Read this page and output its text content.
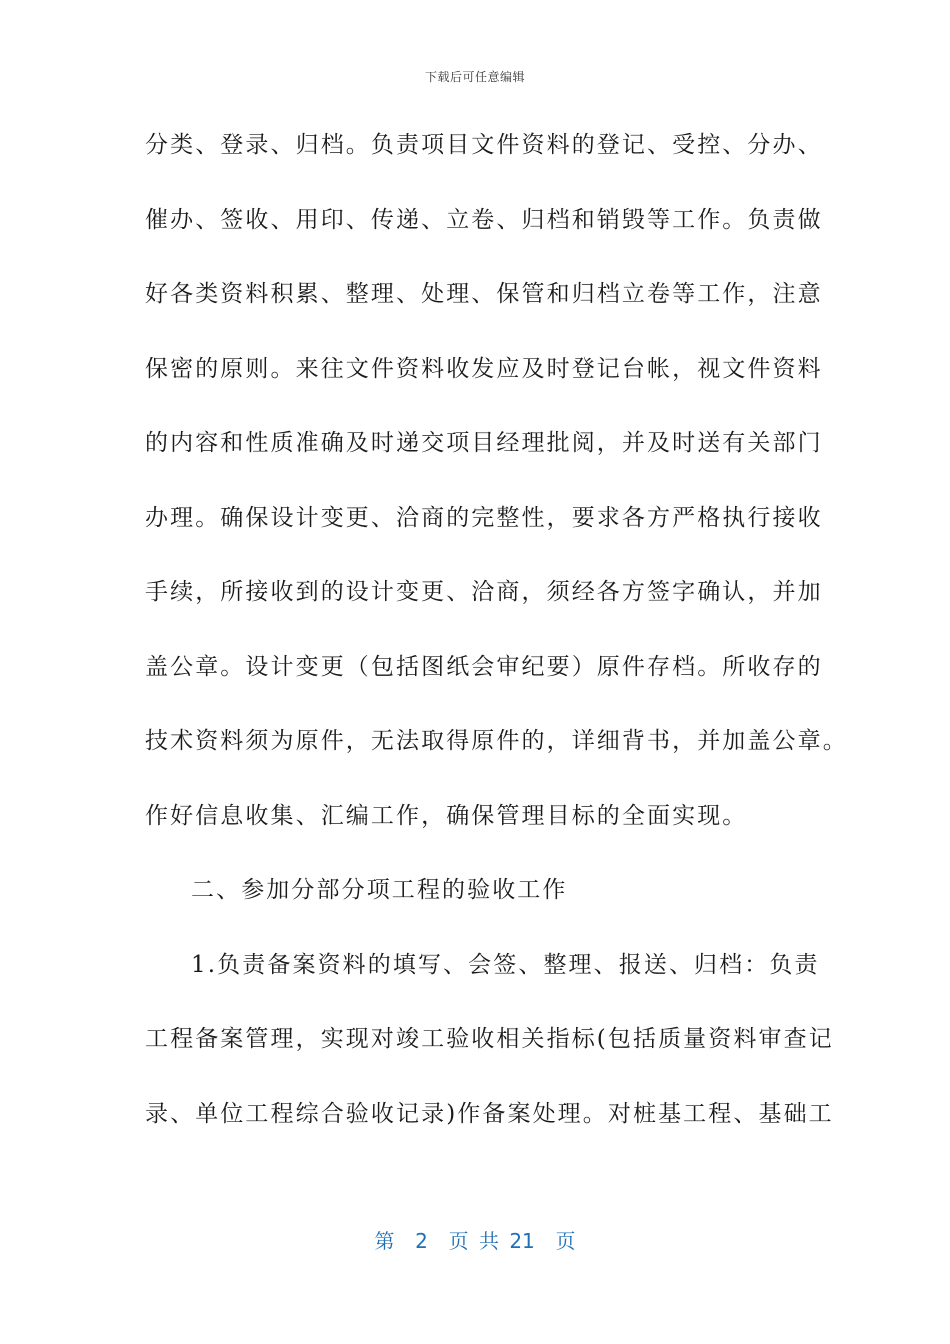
下载后可任意编辑
分类、登录、归档。负责项目文件资料的登记、受控、分办、
催办、签收、用印、传递、立卷、归档和销毁等工作。负责做
好各类资料积累、整理、处理、保管和归档立卷等工作，注意
保密的原则。来往文件资料收发应及时登记台帐，视文件资料
的内容和性质准确及时递交项目经理批阅，并及时送有关部门
办理。确保设计变更、洽商的完整性，要求各方严格执行接收
手续，所接收到的设计变更、洽商，须经各方签字确认，并加
盖公章。设计变更（包括图纸会审纪要）原件存档。所收存的
技术资料须为原件，无法取得原件的，详细背书，并加盖公章。
作好信息收集、汇编工作，确保管理目标的全面实现。
二、参加分部分项工程的验收工作
1.负责备案资料的填写、会签、整理、报送、归档：负责
工程备案管理，实现对竣工验收相关指标(包括质量资料审查记
录、单位工程综合验收记录)作备案处理。对桩基工程、基础工
第  2  页 共 21  页
